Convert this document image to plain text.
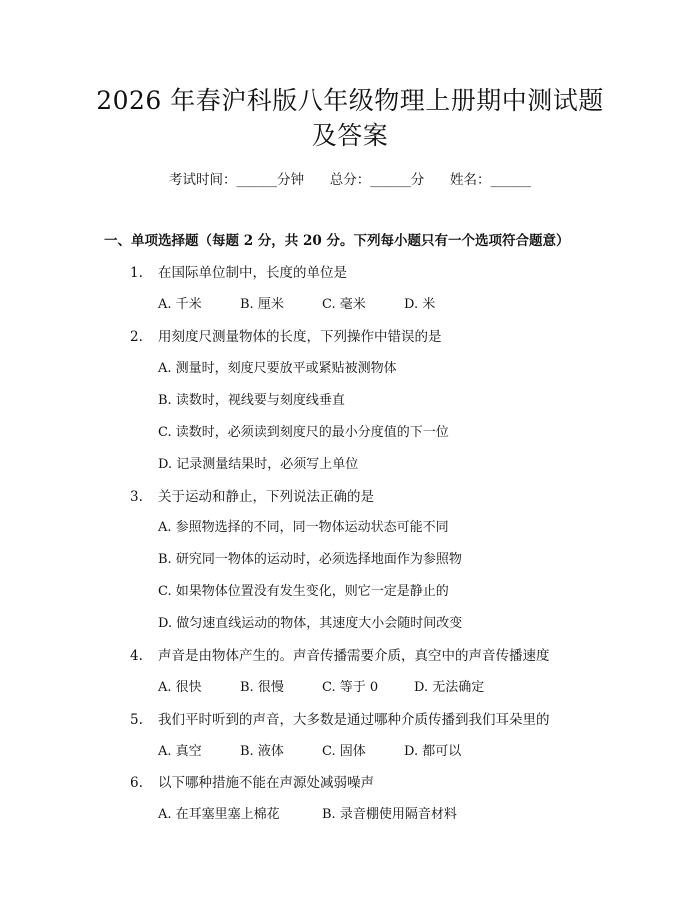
2026 年春沪科版八年级物理上册期中测试题
及答案
考试时间：______分钟      总分：______分      姓名：______
一、单项选择题（每题 2 分，共 20 分。下列每小题只有一个选项符合题意）
1. 在国际单位制中，长度的单位是
A. 千米	B. 厘米	C. 毫米	D. 米
2. 用刻度尺测量物体的长度，下列操作中错误的是
A. 测量时，刻度尺要放平或紧贴被测物体
B. 读数时，视线要与刻度线垂直
C. 读数时，必须读到刻度尺的最小分度值的下一位
D. 记录测量结果时，必须写上单位
3. 关于运动和静止，下列说法正确的是
A. 参照物选择的不同，同一物体运动状态可能不同
B. 研究同一物体的运动时，必须选择地面作为参照物
C. 如果物体位置没有发生变化，则它一定是静止的
D. 做匀速直线运动的物体，其速度大小会随时间改变
4. 声音是由物体产生的。声音传播需要介质，真空中的声音传播速度
A. 很快	B. 很慢	C. 等于 0	D. 无法确定
5. 我们平时听到的声音，大多数是通过哪种介质传播到我们耳朵里的
A. 真空	B. 液体	C. 固体	D. 都可以
6. 以下哪种措施不能在声源处减弱噪声
A. 在耳塞里塞上棉花	B. 录音棚使用隔音材料
